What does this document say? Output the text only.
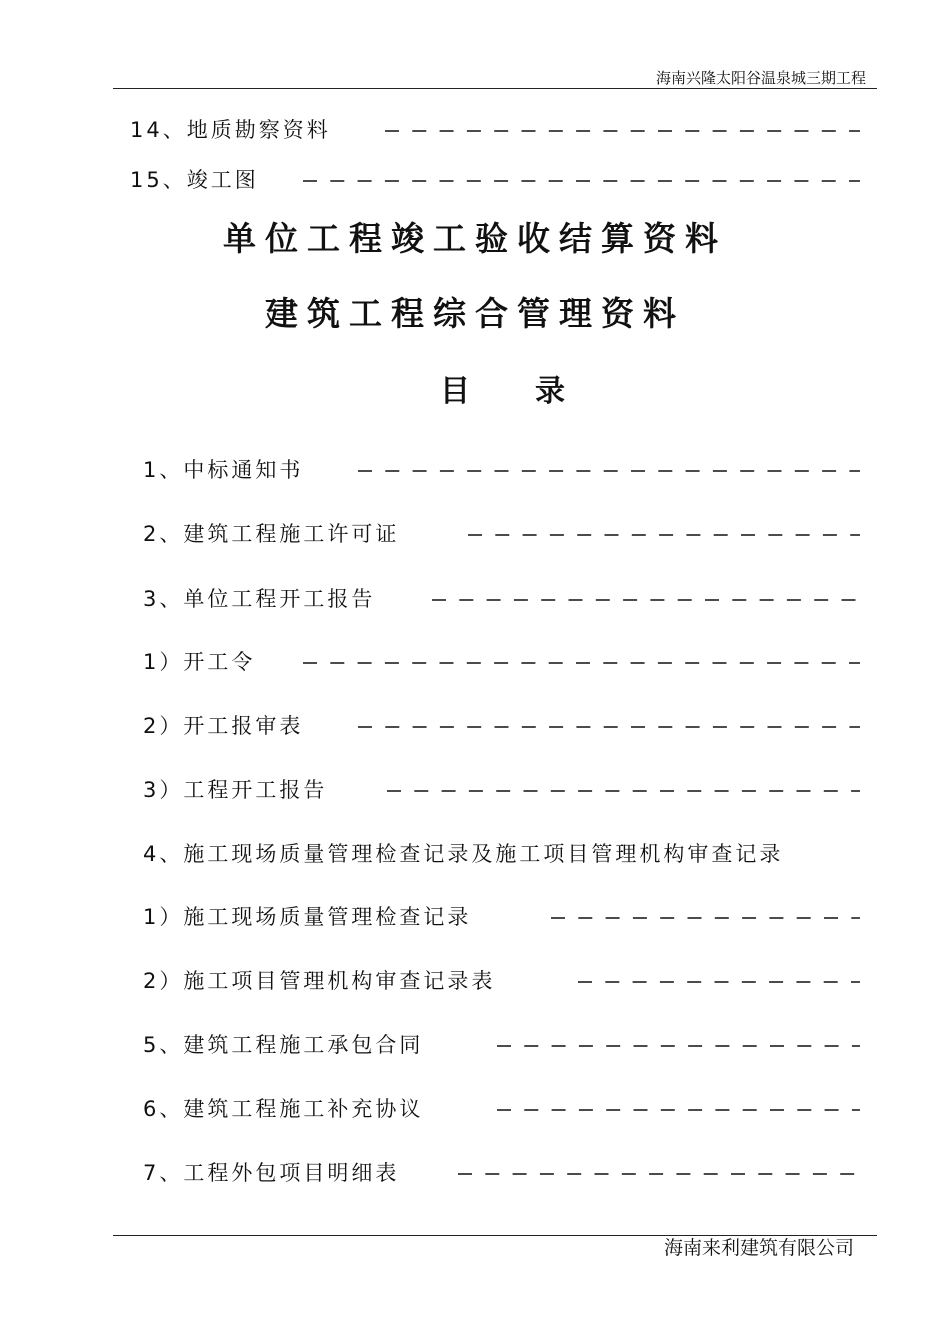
海南兴隆太阳谷温泉城三期工程
14、地质勘察资料
15、竣工图
单位工程竣工验收结算资料
建筑工程综合管理资料
目 录
1、中标通知书
2、建筑工程施工许可证
3、单位工程开工报告
1）开工令
2）开工报审表
3）工程开工报告
4、施工现场质量管理检查记录及施工项目管理机构审查记录
1）施工现场质量管理检查记录
2）施工项目管理机构审查记录表
5、建筑工程施工承包合同
6、建筑工程施工补充协议
7、工程外包项目明细表
海南来利建筑有限公司
